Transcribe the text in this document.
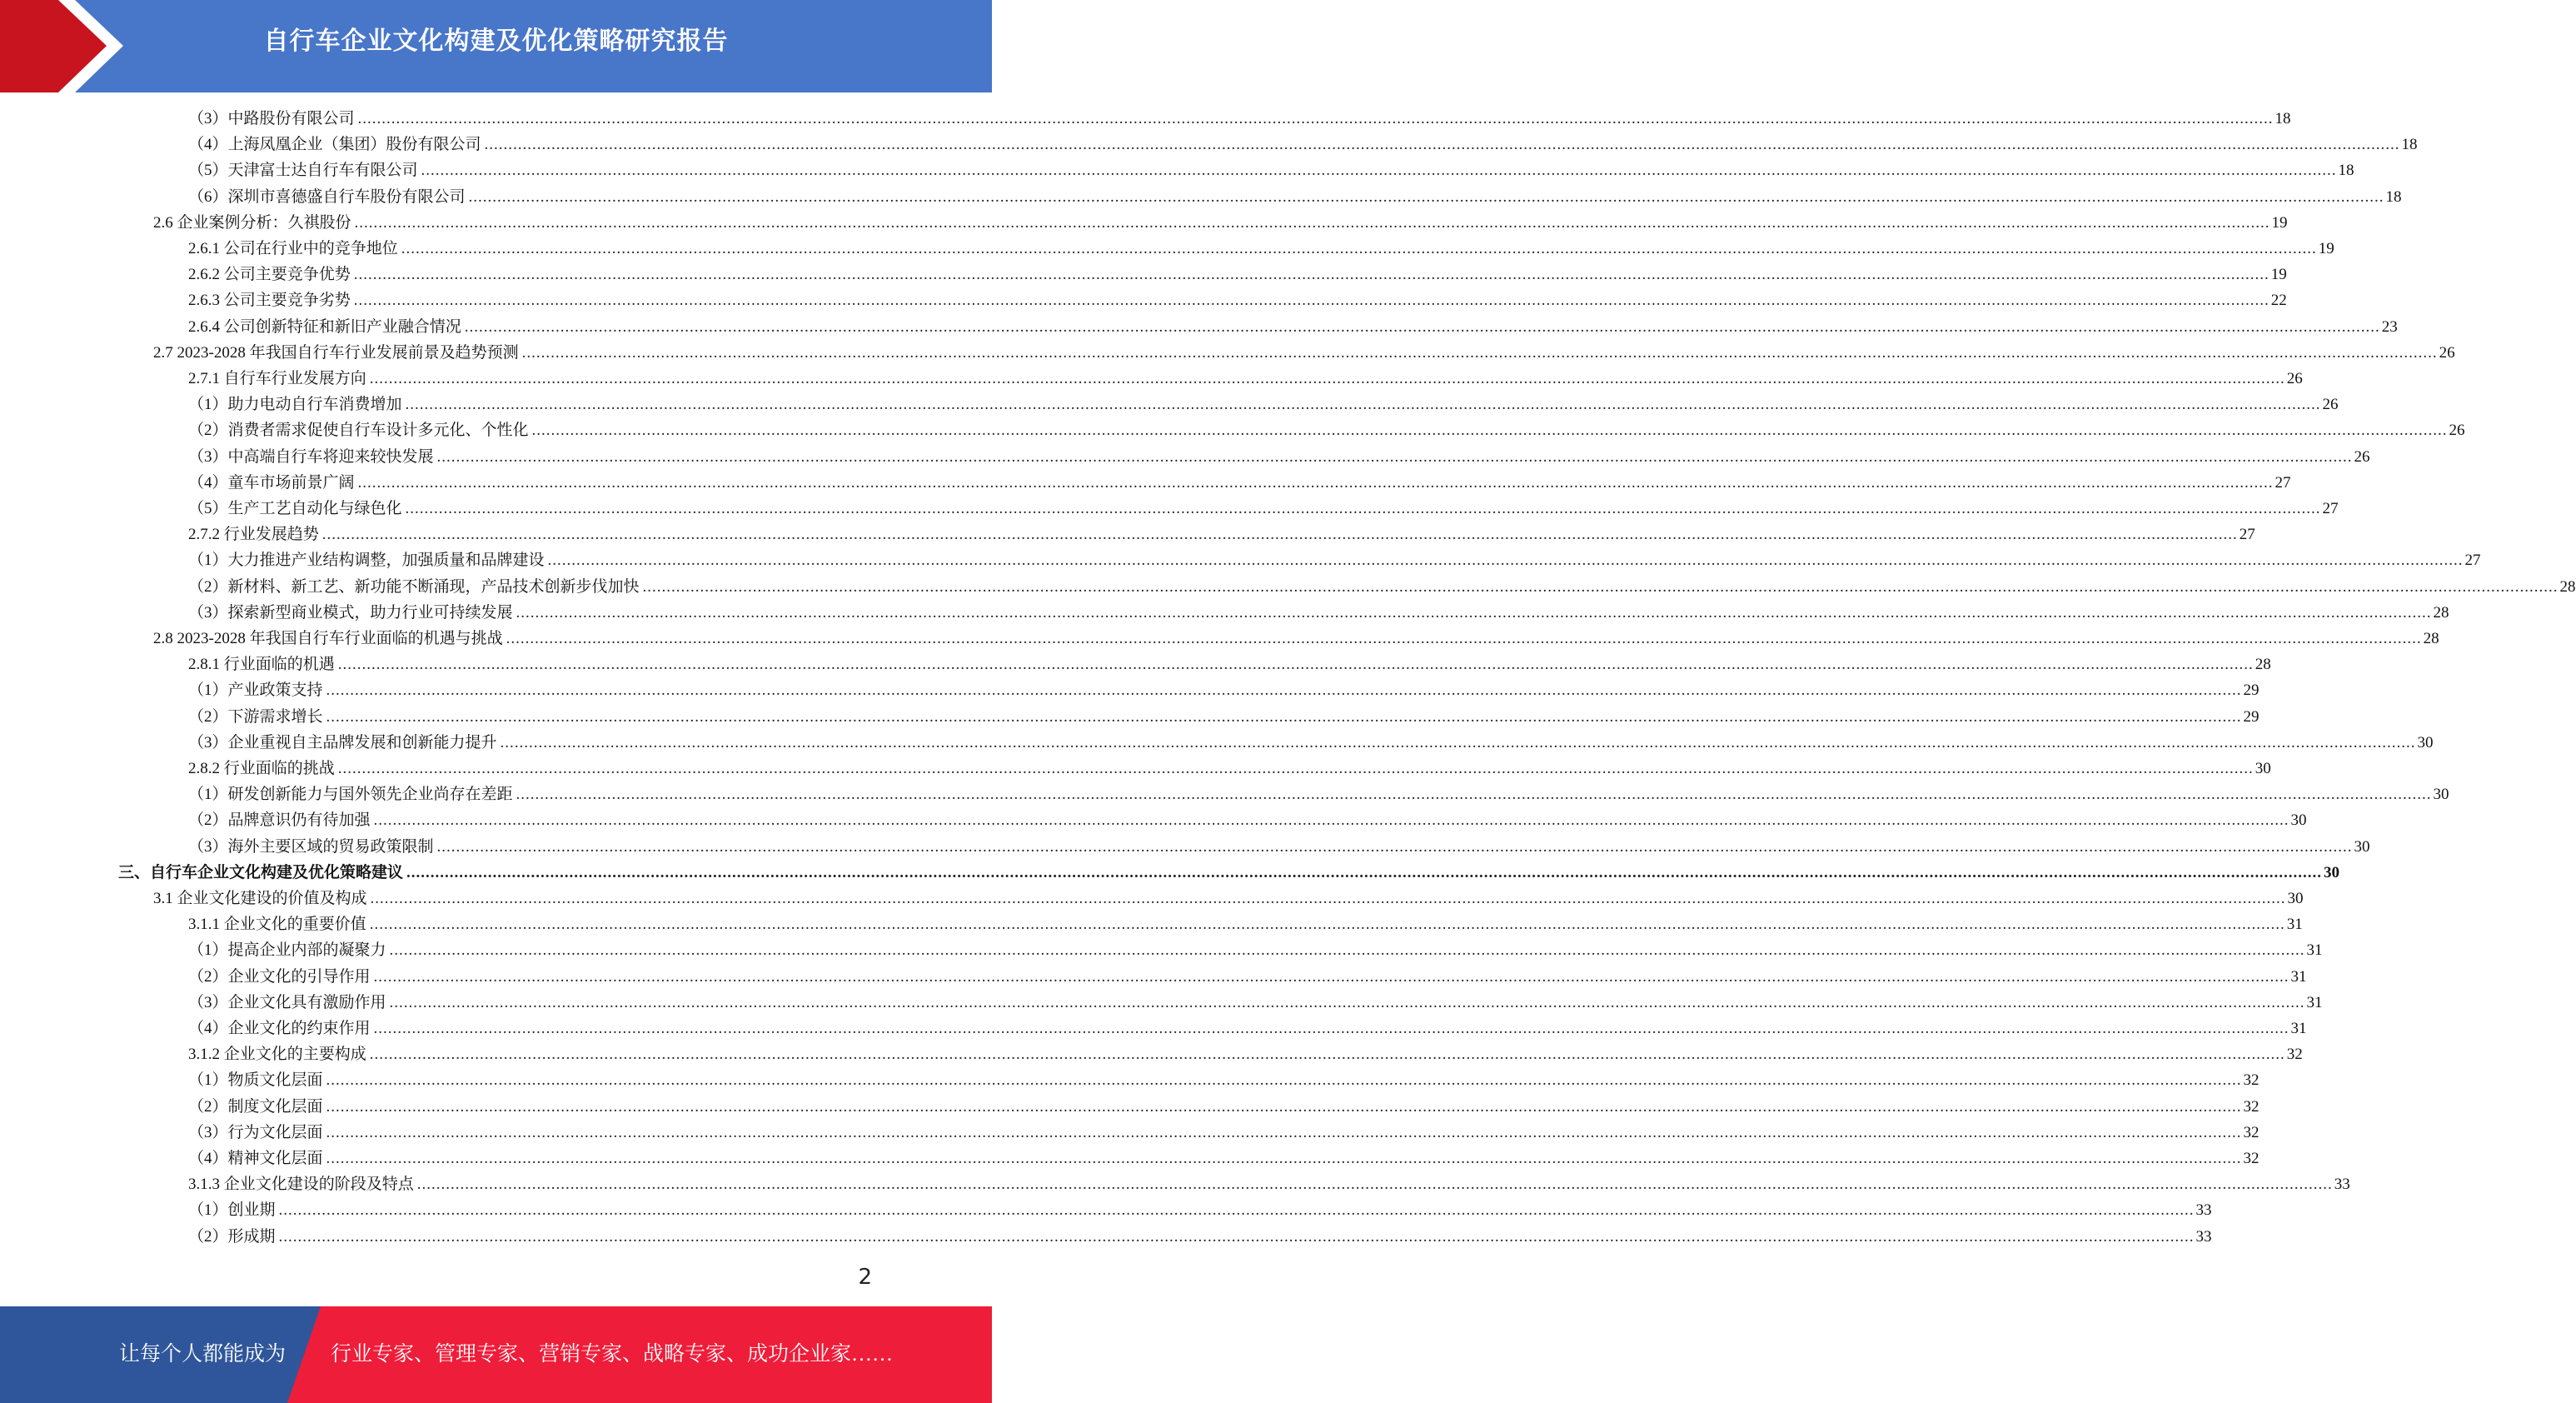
自行车企业文化构建及优化策略研究报告
（3）中路股份有限公司 ................................................................................................................................................................................................................................................................................................................................................................................................................ 18
（4）上海凤凰企业（集团）股份有限公司 ................................................................................................................................................................................................................................................................................................................................................................................................................ 18
（5）天津富士达自行车有限公司 ................................................................................................................................................................................................................................................................................................................................................................................................................ 18
（6）深圳市喜德盛自行车股份有限公司 ................................................................................................................................................................................................................................................................................................................................................................................................................ 18
2.6 企业案例分析：久祺股份 ................................................................................................................................................................................................................................................................................................................................................................................................................ 19
2.6.1 公司在行业中的竞争地位 ................................................................................................................................................................................................................................................................................................................................................................................................................ 19
2.6.2 公司主要竞争优势 ................................................................................................................................................................................................................................................................................................................................................................................................................ 19
2.6.3 公司主要竞争劣势 ................................................................................................................................................................................................................................................................................................................................................................................................................ 22
2.6.4 公司创新特征和新旧产业融合情况 ................................................................................................................................................................................................................................................................................................................................................................................................................ 23
2.7 2023-2028 年我国自行车行业发展前景及趋势预测 ................................................................................................................................................................................................................................................................................................................................................................................................................ 26
2.7.1 自行车行业发展方向 ................................................................................................................................................................................................................................................................................................................................................................................................................ 26
（1）助力电动自行车消费增加 ................................................................................................................................................................................................................................................................................................................................................................................................................ 26
（2）消费者需求促使自行车设计多元化、个性化 ................................................................................................................................................................................................................................................................................................................................................................................................................ 26
（3）中高端自行车将迎来较快发展 ................................................................................................................................................................................................................................................................................................................................................................................................................ 26
（4）童车市场前景广阔 ................................................................................................................................................................................................................................................................................................................................................................................................................ 27
（5）生产工艺自动化与绿色化 ................................................................................................................................................................................................................................................................................................................................................................................................................ 27
2.7.2 行业发展趋势 ................................................................................................................................................................................................................................................................................................................................................................................................................ 27
（1）大力推进产业结构调整，加强质量和品牌建设 ................................................................................................................................................................................................................................................................................................................................................................................................................ 27
（2）新材料、新工艺、新功能不断涌现，产品技术创新步伐加快 ................................................................................................................................................................................................................................................................................................................................................................................................................ 28
（3）探索新型商业模式，助力行业可持续发展 ................................................................................................................................................................................................................................................................................................................................................................................................................ 28
2.8 2023-2028 年我国自行车行业面临的机遇与挑战 ................................................................................................................................................................................................................................................................................................................................................................................................................ 28
2.8.1 行业面临的机遇 ................................................................................................................................................................................................................................................................................................................................................................................................................ 28
（1）产业政策支持 ................................................................................................................................................................................................................................................................................................................................................................................................................ 29
（2）下游需求增长 ................................................................................................................................................................................................................................................................................................................................................................................................................ 29
（3）企业重视自主品牌发展和创新能力提升 ................................................................................................................................................................................................................................................................................................................................................................................................................ 30
2.8.2 行业面临的挑战 ................................................................................................................................................................................................................................................................................................................................................................................................................ 30
（1）研发创新能力与国外领先企业尚存在差距 ................................................................................................................................................................................................................................................................................................................................................................................................................ 30
（2）品牌意识仍有待加强 ................................................................................................................................................................................................................................................................................................................................................................................................................ 30
（3）海外主要区域的贸易政策限制 ................................................................................................................................................................................................................................................................................................................................................................................................................ 30
三、自行车企业文化构建及优化策略建议 ................................................................................................................................................................................................................................................................................................................................................................................................................ 30
3.1 企业文化建设的价值及构成 ................................................................................................................................................................................................................................................................................................................................................................................................................ 30
3.1.1 企业文化的重要价值 ................................................................................................................................................................................................................................................................................................................................................................................................................ 31
（1）提高企业内部的凝聚力 ................................................................................................................................................................................................................................................................................................................................................................................................................ 31
（2）企业文化的引导作用 ................................................................................................................................................................................................................................................................................................................................................................................................................ 31
（3）企业文化具有激励作用 ................................................................................................................................................................................................................................................................................................................................................................................................................ 31
（4）企业文化的约束作用 ................................................................................................................................................................................................................................................................................................................................................................................................................ 31
3.1.2 企业文化的主要构成 ................................................................................................................................................................................................................................................................................................................................................................................................................ 32
（1）物质文化层面 ................................................................................................................................................................................................................................................................................................................................................................................................................ 32
（2）制度文化层面 ................................................................................................................................................................................................................................................................................................................................................................................................................ 32
（3）行为文化层面 ................................................................................................................................................................................................................................................................................................................................................................................................................ 32
（4）精神文化层面 ................................................................................................................................................................................................................................................................................................................................................................................................................ 32
3.1.3 企业文化建设的阶段及特点 ................................................................................................................................................................................................................................................................................................................................................................................................................ 33
（1）创业期 ................................................................................................................................................................................................................................................................................................................................................................................................................ 33
（2）形成期 ................................................................................................................................................................................................................................................................................................................................................................................................................ 33
2
让每个人都能成为 行业专家、管理专家、营销专家、战略专家、成功企业家……
